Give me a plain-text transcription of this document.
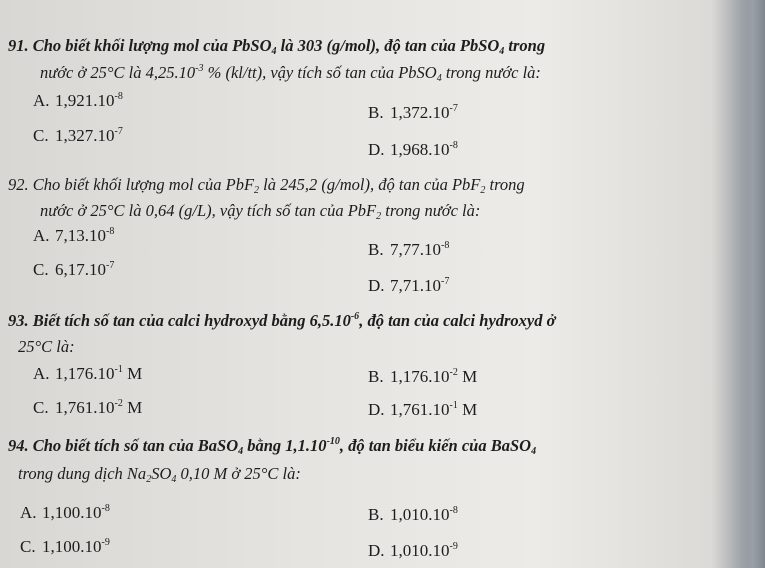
91. Cho biết khối lượng mol của PbSO$_4$ là 303 (g/mol), độ tan của PbSO$_4$ trong
nước ở 25°C là $4,25.10^{-3}$ % (kl/tt), vậy tích số tan của PbSO$_4$ trong nước là:
A. $1,921.10^{-8}$
B. $1,372.10^{-7}$
C. $1,327.10^{-7}$
D. $1,968.10^{-8}$
92. Cho biết khối lượng mol của PbF$_2$ là 245,2 (g/mol), độ tan của PbF$_2$ trong
nước ở 25°C là 0,64 (g/L), vậy tích số tan của PbF$_2$ trong nước là:
A. $7,13.10^{-8}$
B. $7,77.10^{-8}$
C. $6,17.10^{-7}$
D. $7,71.10^{-7}$
93. Biết tích số tan của calci hydroxyd bằng $6,5.10^{-6}$, độ tan của calci hydroxyd ở
25°C là:
A. $1,176.10^{-1}$ M	B. $1,176.10^{-2}$ M
C. $1,761.10^{-2}$ M	D. $1,761.10^{-1}$ M
94. Cho biết tích số tan của BaSO$_4$ bằng $1,1.10^{-10}$, độ tan biểu kiến của BaSO$_4$
trong dung dịch $Na_2SO_4$ 0,10 M ở 25°C là:
A. $1,100.10^{-8}$	B. $1,010.10^{-8}$
C. $1,100.10^{-9}$	D. $1,010.10^{-9}$
